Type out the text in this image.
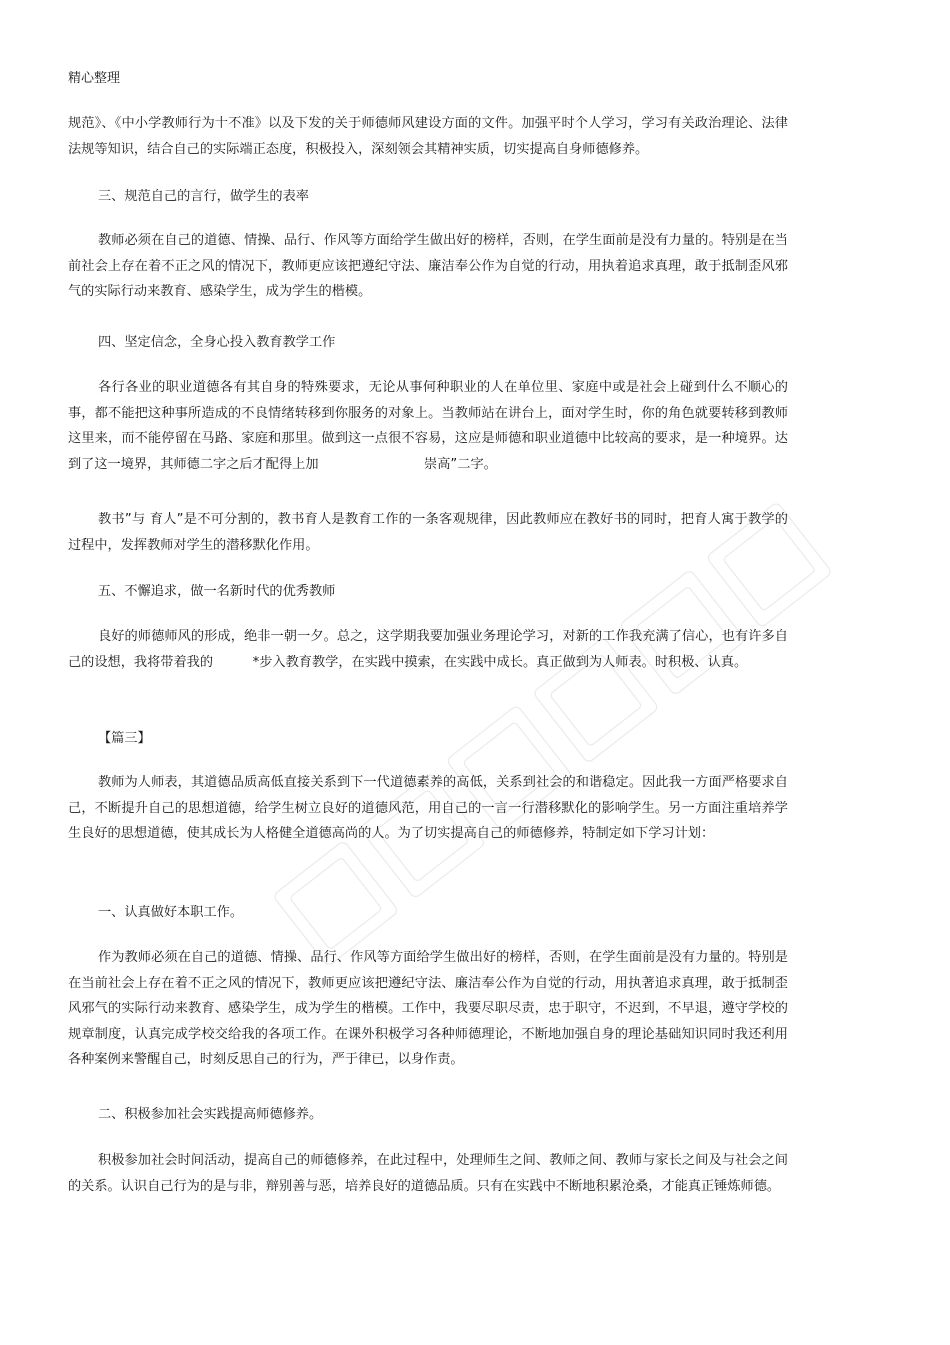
精心整理

规范》、《中小学教师行为十不准》以及下发的关于师德师风建设方面的文件。加强平时个人学习，学习有关政治理论、法律法规等知识，结合自己的实际端正态度，积极投入，深刻领会其精神实质，切实提高自身师德修养。

三、规范自己的言行，做学生的表率

教师必须在自己的道德、情操、品行、作风等方面给学生做出好的榜样，否则，在学生面前是没有力量的。特别是在当前社会上存在着不正之风的情况下，教师更应该把遵纪守法、廉洁奉公作为自觉的行动，用执着追求真理，敢于抵制歪风邪气的实际行动来教育、感染学生，成为学生的楷模。

四、坚定信念，全身心投入教育教学工作

各行各业的职业道德各有其自身的特殊要求，无论从事何种职业的人在单位里、家庭中或是社会上碰到什么不顺心的事，都不能把这种事所造成的不良情绪转移到你服务的对象上。当教师站在讲台上，面对学生时，你的角色就要转移到教师这里来，而不能停留在马路、家庭和那里。做到这一点很不容易，这应是师德和职业道德中比较高的要求，是一种境界。达到了这一境界，其师德二字之后才配得上加　　　　　　　　崇高”二字。

教书”与 育人”是不可分割的，教书育人是教育工作的一条客观规律，因此教师应在教好书的同时，把育人寓于教学的过程中，发挥教师对学生的潜移默化作用。

五、不懈追求，做一名新时代的优秀教师

良好的师德师风的形成，绝非一朝一夕。总之，这学期我要加强业务理论学习，对新的工作我充满了信心，也有许多自己的设想，我将带着我的　　　*步入教育教学，在实践中摸索，在实践中成长。真正做到为人师表。时积极、认真。

【篇三】

教师为人师表，其道德品质高低直接关系到下一代道德素养的高低，关系到社会的和谐稳定。因此我一方面严格要求自己，不断提升自己的思想道德，给学生树立良好的道德风范，用自己的一言一行潜移默化的影响学生。另一方面注重培养学生良好的思想道德，使其成长为人格健全道德高尚的人。为了切实提高自己的师德修养，特制定如下学习计划：

一、认真做好本职工作。

作为教师必须在自己的道德、情操、品行、作风等方面给学生做出好的榜样，否则，在学生面前是没有力量的。特别是在当前社会上存在着不正之风的情况下，教师更应该把遵纪守法、廉洁奉公作为自觉的行动，用执著追求真理，敢于抵制歪风邪气的实际行动来教育、感染学生，成为学生的楷模。工作中，我要尽职尽责，忠于职守，不迟到，不早退，遵守学校的规章制度，认真完成学校交给我的各项工作。在课外积极学习各种师德理论，不断地加强自身的理论基础知识同时我还利用各种案例来警醒自己，时刻反思自己的行为，严于律已，以身作责。

二、积极参加社会实践提高师德修养。

积极参加社会时间活动，提高自己的师德修养，在此过程中，处理师生之间、教师之间、教师与家长之间及与社会之间的关系。认识自己行为的是与非，辩别善与恶，培养良好的道德品质。只有在实践中不断地积累沧桑，才能真正锤炼师德。
